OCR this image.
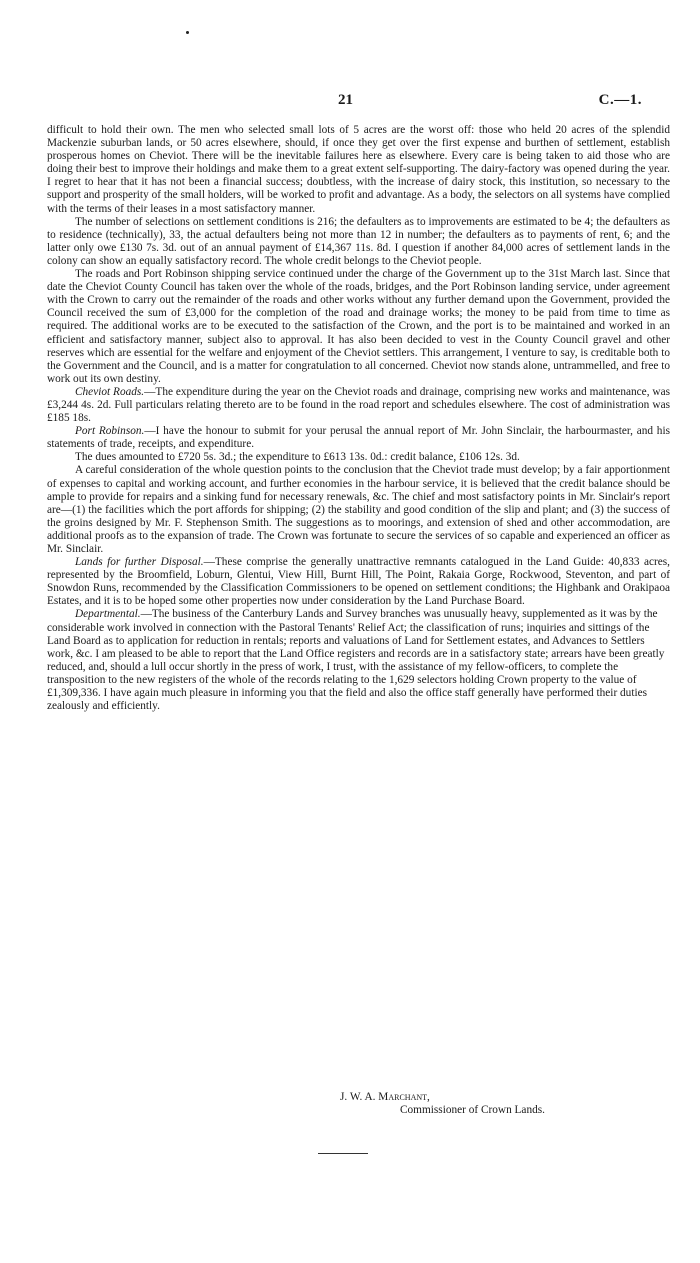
21	C.—1.

difficult to hold their own. The men who selected small lots of 5 acres are the worst off: those who held 20 acres of the splendid Mackenzie suburban lands, or 50 acres elsewhere, should, if once they get over the first expense and burthen of settlement, establish prosperous homes on Cheviot. There will be the inevitable failures here as elsewhere. Every care is being taken to aid those who are doing their best to improve their holdings and make them to a great extent self-supporting. The dairy-factory was opened during the year. I regret to hear that it has not been a financial success; doubtless, with the increase of dairy stock, this institution, so necessary to the support and prosperity of the small holders, will be worked to profit and advantage. As a body, the selectors on all systems have complied with the terms of their leases in a most satisfactory manner.

The number of selections on settlement conditions is 216; the defaulters as to improvements are estimated to be 4; the defaulters as to residence (technically), 33, the actual defaulters being not more than 12 in number; the defaulters as to payments of rent, 6; and the latter only owe £130 7s. 3d. out of an annual payment of £14,367 11s. 8d. I question if another 84,000 acres of settlement lands in the colony can show an equally satisfactory record. The whole credit belongs to the Cheviot people.

The roads and Port Robinson shipping service continued under the charge of the Government up to the 31st March last. Since that date the Cheviot County Council has taken over the whole of the roads, bridges, and the Port Robinson landing service, under agreement with the Crown to carry out the remainder of the roads and other works without any further demand upon the Government, provided the Council received the sum of £3,000 for the completion of the road and drainage works; the money to be paid from time to time as required. The additional works are to be executed to the satisfaction of the Crown, and the port is to be maintained and worked in an efficient and satisfactory manner, subject also to approval. It has also been decided to vest in the County Council gravel and other reserves which are essential for the welfare and enjoyment of the Cheviot settlers. This arrangement, I venture to say, is creditable both to the Government and the Council, and is a matter for congratulation to all concerned. Cheviot now stands alone, untrammelled, and free to work out its own destiny.

Cheviot Roads.—The expenditure during the year on the Cheviot roads and drainage, comprising new works and maintenance, was £3,244 4s. 2d. Full particulars relating thereto are to be found in the road report and schedules elsewhere. The cost of administration was £185 18s.

Port Robinson.—I have the honour to submit for your perusal the annual report of Mr. John Sinclair, the harbourmaster, and his statements of trade, receipts, and expenditure.

The dues amounted to £720 5s. 3d.; the expenditure to £613 13s. 0d.: credit balance, £106 12s. 3d.

A careful consideration of the whole question points to the conclusion that the Cheviot trade must develop; by a fair apportionment of expenses to capital and working account, and further economies in the harbour service, it is believed that the credit balance should be ample to provide for repairs and a sinking fund for necessary renewals, &c. The chief and most satisfactory points in Mr. Sinclair's report are—(1) the facilities which the port affords for shipping; (2) the stability and good condition of the slip and plant; and (3) the success of the groins designed by Mr. F. Stephenson Smith. The suggestions as to moorings, and extension of shed and other accommodation, are additional proofs as to the expansion of trade. The Crown was fortunate to secure the services of so capable and experienced an officer as Mr. Sinclair.

Lands for further Disposal.—These comprise the generally unattractive remnants catalogued in the Land Guide: 40,833 acres, represented by the Broomfield, Loburn, Glentui, View Hill, Burnt Hill, The Point, Rakaia Gorge, Rockwood, Steventon, and part of Snowdon Runs, recommended by the Classification Commissioners to be opened on settlement conditions; the Highbank and Orakipaoa Estates, and it is to be hoped some other properties now under consideration by the Land Purchase Board.

Departmental.—The business of the Canterbury Lands and Survey branches was unusually heavy, supplemented as it was by the considerable work involved in connection with the Pastoral Tenants' Relief Act; the classification of runs; inquiries and sittings of the Land Board as to application for reduction in rentals; reports and valuations of Land for Settlement estates, and Advances to Settlers work, &c. I am pleased to be able to report that the Land Office registers and records are in a satisfactory state; arrears have been greatly reduced, and, should a lull occur shortly in the press of work, I trust, with the assistance of my fellow-officers, to complete the transposition to the new registers of the whole of the records relating to the 1,629 selectors holding Crown property to the value of £1,309,336. I have again much pleasure in informing you that the field and also the office staff generally have performed their duties zealously and efficiently.

J. W. A. Marchant,
Commissioner of Crown Lands.
